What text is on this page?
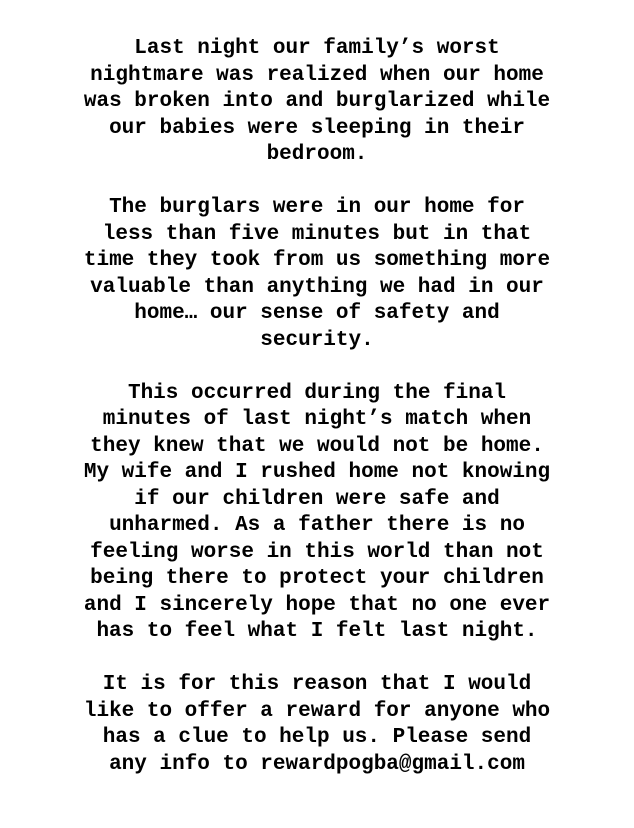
Last night our family’s worst
nightmare was realized when our home
was broken into and burglarized while
our babies were sleeping in their
bedroom.
The burglars were in our home for
less than five minutes but in that
time they took from us something more
valuable than anything we had in our
home… our sense of safety and
security.
This occurred during the final
minutes of last night’s match when
they knew that we would not be home.
My wife and I rushed home not knowing
if our children were safe and
unharmed. As a father there is no
feeling worse in this world than not
being there to protect your children
and I sincerely hope that no one ever
has to feel what I felt last night.
It is for this reason that I would
like to offer a reward for anyone who
has a clue to help us. Please send
any info to rewardpogba@gmail.com
